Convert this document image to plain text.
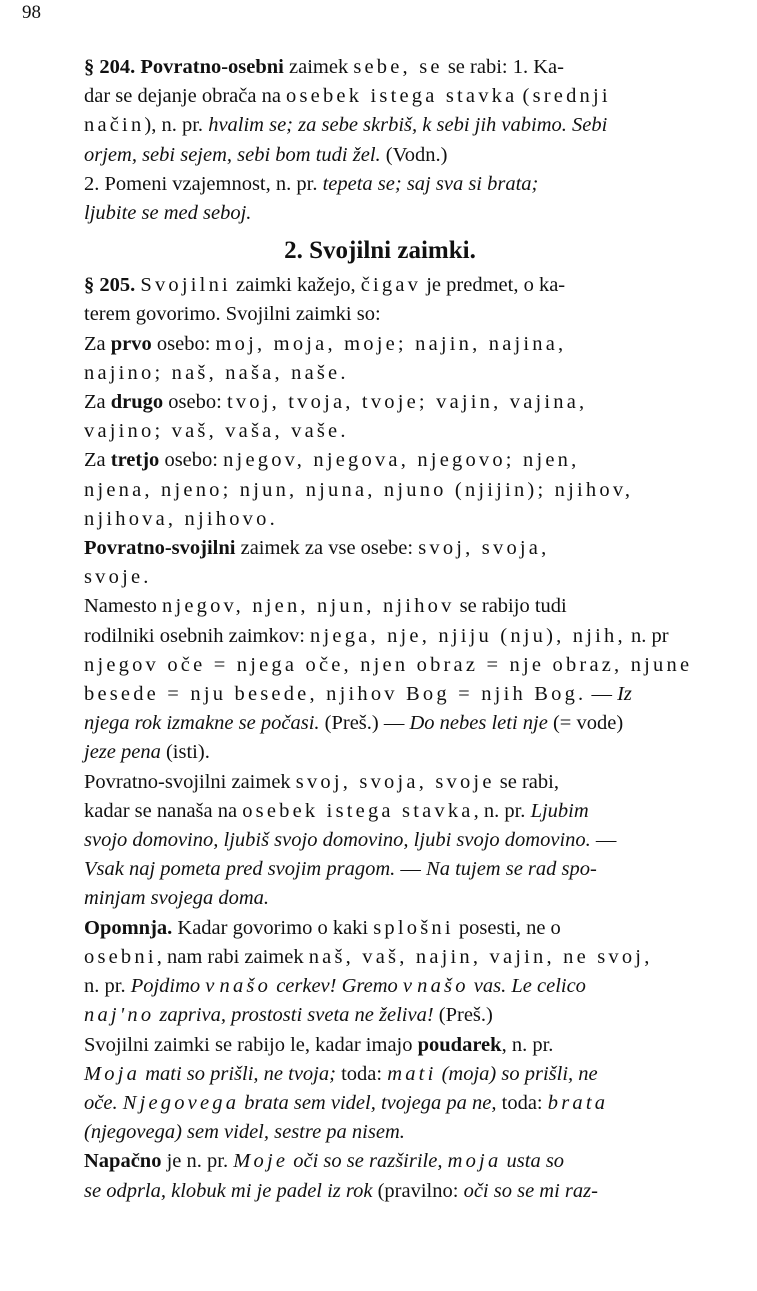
98

§ 204. Povratno-osebni zaimek sebe, se se rabi: 1. Ka-
dar se dejanje obrača na osebek istega stavka (srednji
način), n. pr. hvalim se; za sebe skrbiš, k sebi jih vabimo. Sebi
orjem, sebi sejem, sebi bom tudi žel. (Vodn.)

2. Pomeni vzajemnost, n. pr. tepeta se; saj sva si brata;
ljubite se med seboj.

2. Svojilni zaimki.

§ 205. Svojilni zaimki kažejo, čigav je predmet, o ka-
terem govorimo. Svojilni zaimki so:

Za prvo osebo: moj, moja, moje; najin, najina,
najino; naš, naša, naše.

Za drugo osebo: tvoj, tvoja, tvoje; vajin, vajina,
vajino; vaš, vaša, vaše.

Za tretjo osebo: njegov, njegova, njegovo; njen,
njena, njeno; njun, njuna, njuno (njijin); njihov,
njihova, njihovo.

Povratno-svojilni zaimek za vse osebe: svoj, svoja,
svoje.

Namesto njegov, njen, njun, njihov se rabijo tudi
rodilniki osebnih zaimkov: njega, nje, njiju (nju), njih, n. pr
njegov oče = njega oče, njen obraz = nje obraz, njune
besede = nju besede, njihov Bog = njih Bog. — Iz
njega rok izmakne se počasi. (Preš.) — Do nebes leti nje (= vode)
jeze pena (isti).

Povratno-svojilni zaimek svoj, svoja, svoje se rabi,
kadar se nanaša na osebek istega stavka, n. pr. Ljubim
svojo domovino, ljubiš svojo domovino, ljubi svojo domovino. —
Vsak naj pometa pred svojim pragom. — Na tujem se rad spo-
minjam svojega doma.

Opomnja. Kadar govorimo o kaki splošni posesti, ne o
osebni, nam rabi zaimek naš, vaš, najin, vajin, ne svoj,
n. pr. Pojdimo v našo cerkev! Gremo v našo vas. Le celico
naj'no zapriva, prostosti sveta ne želiva! (Preš.)

Svojilni zaimki se rabijo le, kadar imajo poudarek, n. pr.
Moja mati so prišli, ne tvoja; toda: mati (moja) so prišli, ne
oče. Njegovega brata sem videl, tvojega pa ne, toda: brata
(njegovega) sem videl, sestre pa nisem.

Napačno je n. pr. Moje oči so se razširile, moja usta so
se odprla, klobuk mi je padel iz rok (pravilno: oči so se mi raz-
